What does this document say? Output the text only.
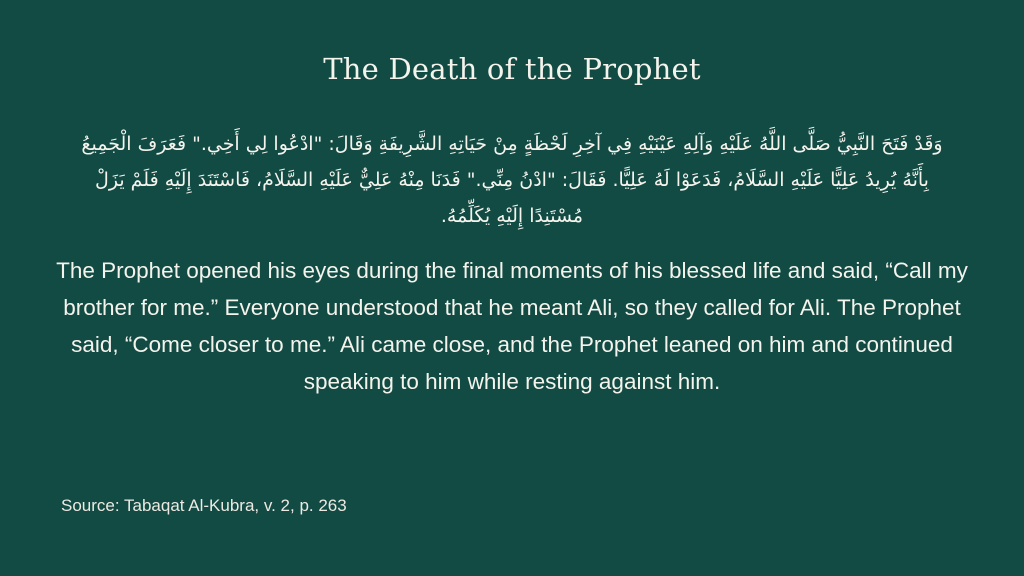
The Death of the Prophet
وَقَدْ فَتَحَ النَّبِيُّ صَلَّى اللَّهُ عَلَيْهِ وَآلِهِ عَيْنَيْهِ فِي آخِرِ لَحْظَةٍ مِنْ حَيَاتِهِ الشَّرِيفَةِ وَقَالَ: "ادْعُوا لِي أَخِي." فَعَرَفَ الْجَمِيعُ بِأَنَّهُ يُرِيدُ عَلِيًّا عَلَيْهِ السَّلَامُ، فَدَعَوْا لَهُ عَلِيًّا. فَقَالَ: "ادْنُ مِنِّي." فَدَنَا مِنْهُ عَلِيٌّ عَلَيْهِ السَّلَامُ، فَاسْتَنَدَ إِلَيْهِ فَلَمْ يَزَلْ مُسْتَنِدًا إِلَيْهِ يُكَلِّمُهُ.
The Prophet opened his eyes during the final moments of his blessed life and said, “Call my brother for me.” Everyone understood that he meant Ali, so they called for Ali. The Prophet said, “Come closer to me.” Ali came close, and the Prophet leaned on him and continued speaking to him while resting against him.
Source: Tabaqat Al-Kubra, v. 2, p. 263
